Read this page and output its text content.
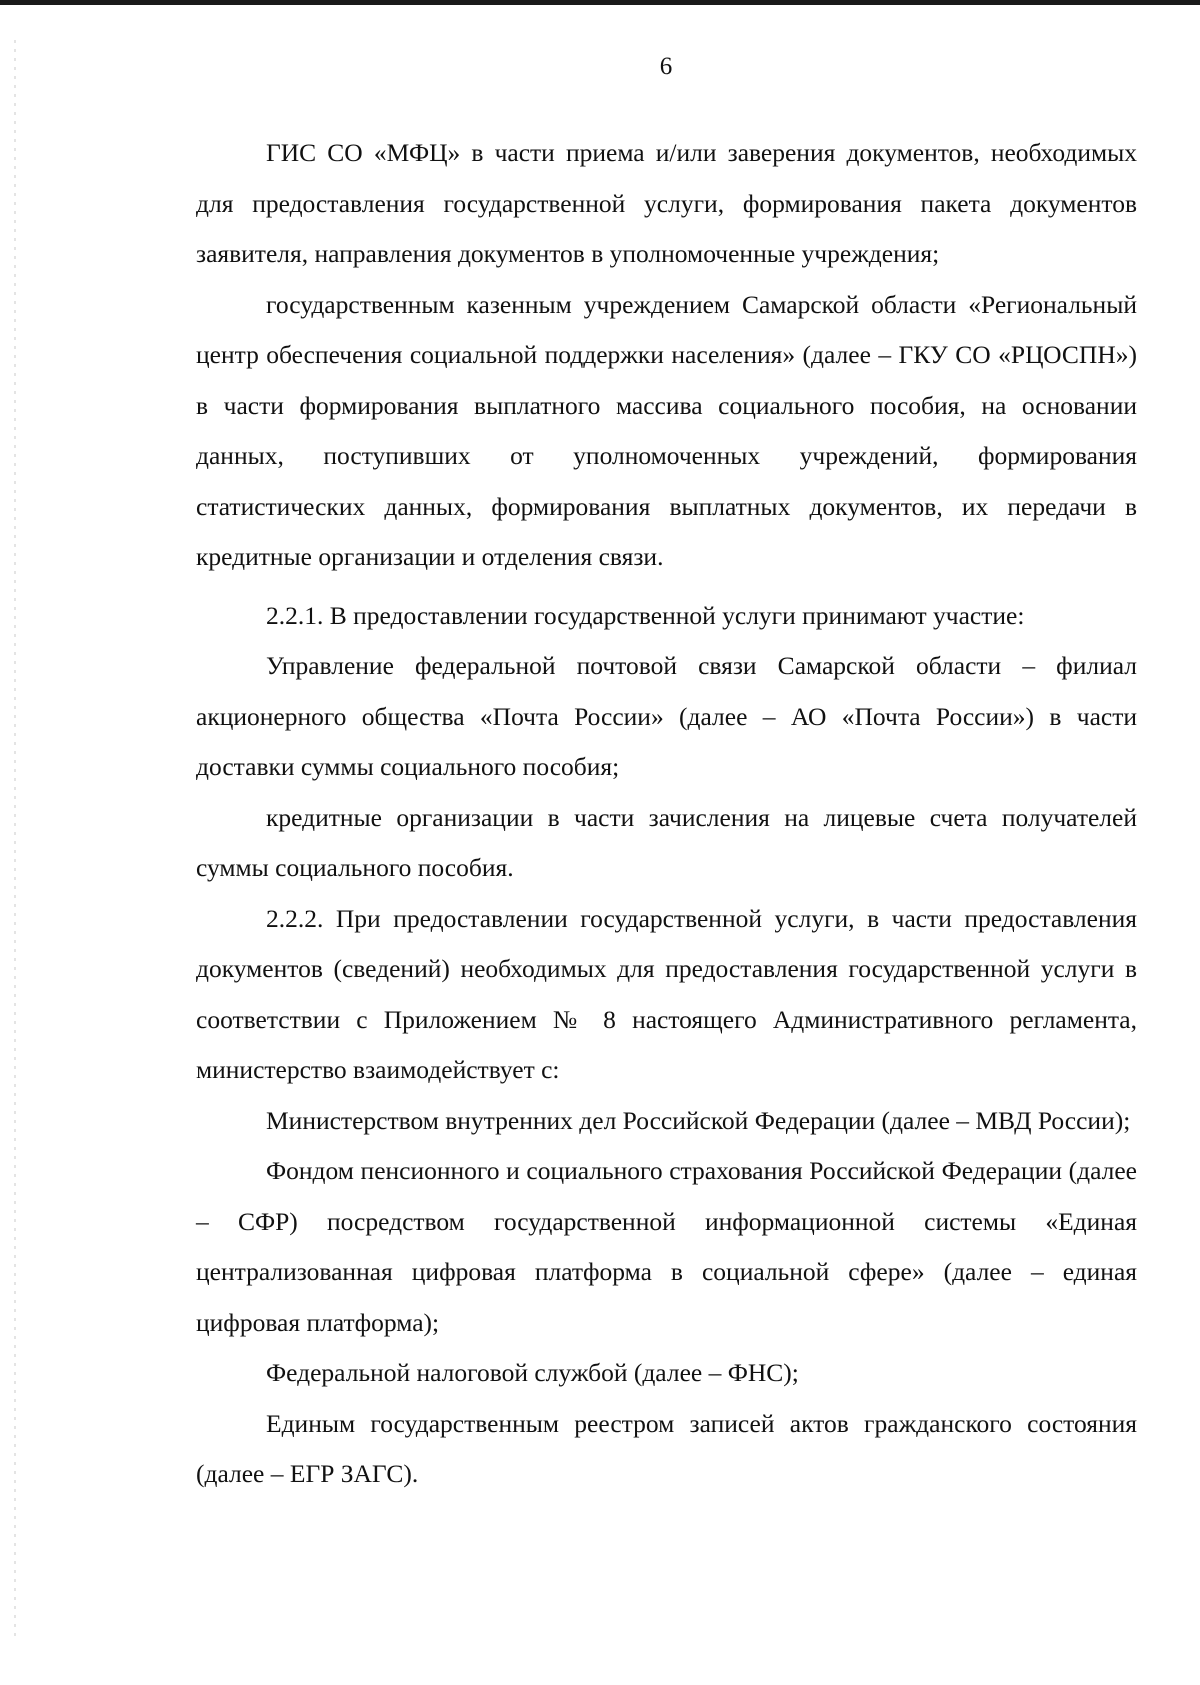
6

ГИС СО «МФЦ» в части приема и/или заверения документов, необходимых для предоставления государственной услуги, формирования пакета документов заявителя, направления документов в уполномоченные учреждения;

государственным казенным учреждением Самарской области «Региональный центр обеспечения социальной поддержки населения» (далее – ГКУ СО «РЦОСПН») в части формирования выплатного массива социального пособия, на основании данных, поступивших от уполномоченных учреждений, формирования статистических данных, формирования выплатных документов, их передачи в кредитные организации и отделения связи.

2.2.1. В предоставлении государственной услуги принимают участие:

Управление федеральной почтовой связи Самарской области – филиал акционерного общества «Почта России» (далее – АО «Почта России») в части доставки суммы социального пособия;

кредитные организации в части зачисления на лицевые счета получателей суммы социального пособия.

2.2.2. При предоставлении государственной услуги, в части предоставления документов (сведений) необходимых для предоставления государственной услуги в соответствии с Приложением № 8 настоящего Административного регламента, министерство взаимодействует с:

Министерством внутренних дел Российской Федерации (далее – МВД России);

Фондом пенсионного и социального страхования Российской Федерации (далее – СФР) посредством государственной информационной системы «Единая централизованная цифровая платформа в социальной сфере» (далее – единая цифровая платформа);

Федеральной налоговой службой (далее – ФНС);

Единым государственным реестром записей актов гражданского состояния (далее – ЕГР ЗАГС).
